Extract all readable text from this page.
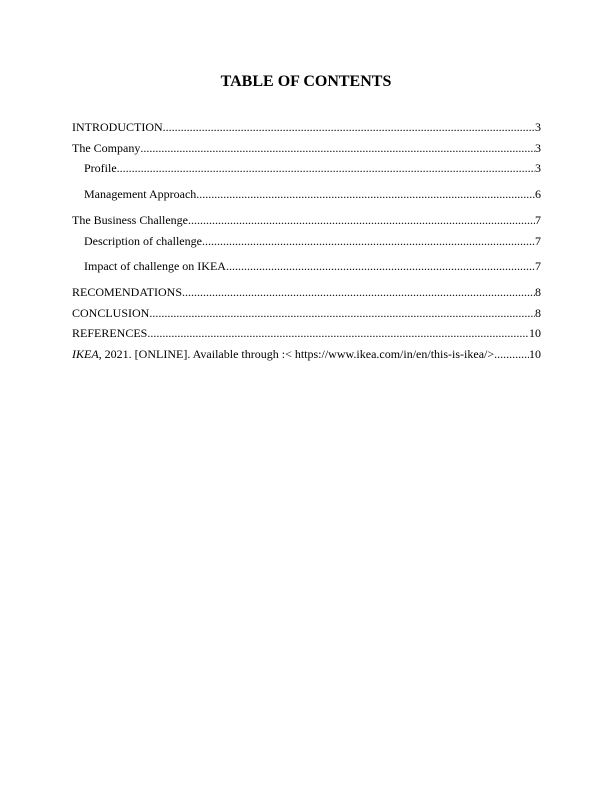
TABLE OF CONTENTS
INTRODUCTION .....	3
The Company .....	3
Profile .....	3
Management Approach .....	6
The Business Challenge .....	7
Description of challenge .....	7
Impact of challenge on IKEA .....	7
RECOMENDATIONS .....	8
CONCLUSION .....	8
REFERENCES .....	10
IKEA, 2021. [ONLINE]. Available through :< https://www.ikea.com/in/en/this-is-ikea/> .....	10
